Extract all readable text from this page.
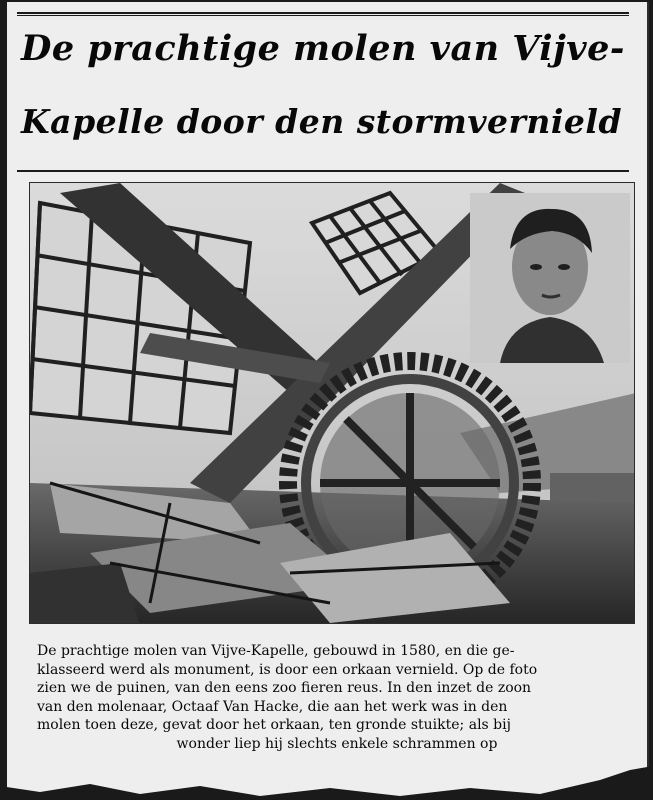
De prachtige molen van Vijve-
Kapelle door den stormvernield
De prachtige molen van Vijve-Kapelle, gebouwd in 1580, en die ge-
klasseerd werd als monument, is door een orkaan vernield. Op de foto
zien we de puinen, van den eens zoo fieren reus. In den inzet de zoon
van den molenaar, Octaaf Van Hacke, die aan het werk was in den
molen toen deze, gevat door het orkaan, ten gronde stuikte; als bij
wonder liep hij slechts enkele schrammen op
